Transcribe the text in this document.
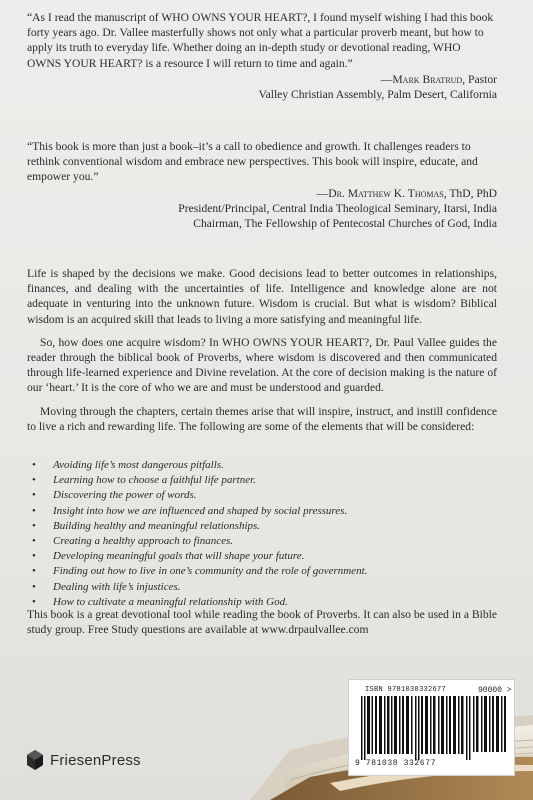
“As I read the manuscript of WHO OWNS YOUR HEART?, I found myself wishing I had this book forty years ago. Dr. Vallee masterfully shows not only what a particular proverb meant, but how to apply its truth to everyday life. Whether doing an in-depth study or devotional reading, WHO OWNS YOUR HEART? is a resource I will return to time and again.”
—Mark Bratrud, Pastor
Valley Christian Assembly, Palm Desert, California
“This book is more than just a book–it’s a call to obedience and growth. It challenges readers to rethink conventional wisdom and embrace new perspectives. This book will inspire, educate, and empower you.”
—Dr. Matthew K. Thomas, ThD, PhD
President/Principal, Central India Theological Seminary, Itarsi, India
Chairman, The Fellowship of Pentecostal Churches of God, India

Life is shaped by the decisions we make. Good decisions lead to better outcomes in relationships, finances, and dealing with the uncertainties of life. Intelligence and knowledge alone are not adequate in venturing into the unknown future. Wisdom is crucial. But what is wisdom? Biblical wisdom is an acquired skill that leads to living a more satisfying and meaningful life.

So, how does one acquire wisdom? In WHO OWNS YOUR HEART?, Dr. Paul Vallee guides the reader through the biblical book of Proverbs, where wisdom is discovered and then communicated through life-learned experience and Divine revelation. At the core of decision making is the nature of our ‘heart.’ It is the core of who we are and must be understood and guarded.

Moving through the chapters, certain themes arise that will inspire, instruct, and instill confidence to live a rich and rewarding life. The following are some of the elements that will be considered:

• Avoiding life’s most dangerous pitfalls.
• Learning how to choose a faithful life partner.
• Discovering the power of words.
• Insight into how we are influenced and shaped by social pressures.
• Building healthy and meaningful relationships.
• Creating a healthy approach to finances.
• Developing meaningful goals that will shape your future.
• Finding out how to live in one’s community and the role of government.
• Dealing with life’s injustices.
• How to cultivate a meaningful relationship with God.
This book is a great devotional tool while reading the book of Proverbs. It can also be used in a Bible study group. Free Study questions are available at www.drpaulvallee.com
ISBN 9781038332677	90000 >
9 781038 332677
FriesenPress
